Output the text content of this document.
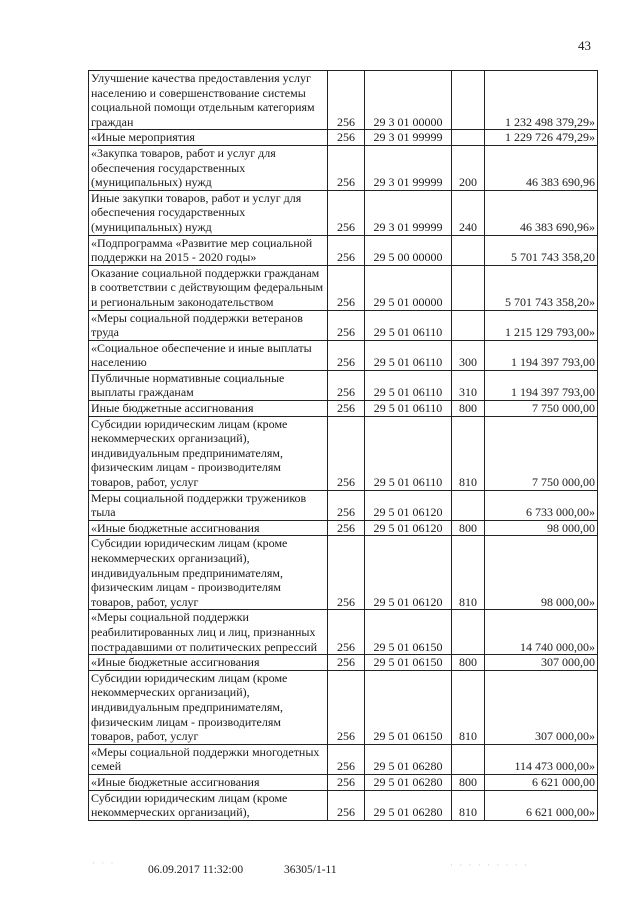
43
Улучшение качества предоставления услуг населению и совершенствование системы социальной помощи отдельным категориям граждан	256	29 3 01 00000		1 232 498 379,29»
«Иные мероприятия	256	29 3 01 99999		1 229 726 479,29»
«Закупка товаров, работ и услуг для обеспечения государственных (муниципальных) нужд	256	29 3 01 99999	200	46 383 690,96
Иные закупки товаров, работ и услуг для обеспечения государственных (муниципальных) нужд	256	29 3 01 99999	240	46 383 690,96»
«Подпрограмма «Развитие мер социальной поддержки на 2015 - 2020 годы»	256	29 5 00 00000		5 701 743 358,20
Оказание социальной поддержки гражданам в соответствии с действующим федеральным и региональным законодательством	256	29 5 01 00000		5 701 743 358,20»
«Меры социальной поддержки ветеранов труда	256	29 5 01 06110		1 215 129 793,00»
«Социальное обеспечение и иные выплаты населению	256	29 5 01 06110	300	1 194 397 793,00
Публичные нормативные социальные выплаты гражданам	256	29 5 01 06110	310	1 194 397 793,00
Иные бюджетные ассигнования	256	29 5 01 06110	800	7 750 000,00
Субсидии юридическим лицам (кроме некоммерческих организаций), индивидуальным предпринимателям, физическим лицам - производителям товаров, работ, услуг	256	29 5 01 06110	810	7 750 000,00
Меры социальной поддержки тружеников тыла	256	29 5 01 06120		6 733 000,00»
«Иные бюджетные ассигнования	256	29 5 01 06120	800	98 000,00
Субсидии юридическим лицам (кроме некоммерческих организаций), индивидуальным предпринимателям, физическим лицам - производителям товаров, работ, услуг	256	29 5 01 06120	810	98 000,00»
«Меры социальной поддержки реабилитированных лиц и лиц, признанных пострадавшими от политических репрессий	256	29 5 01 06150		14 740 000,00»
«Иные бюджетные ассигнования	256	29 5 01 06150	800	307 000,00
Субсидии юридическим лицам (кроме некоммерческих организаций), индивидуальным предпринимателям, физическим лицам - производителям товаров, работ, услуг	256	29 5 01 06150	810	307 000,00»
«Меры социальной поддержки многодетных семей	256	29 5 01 06280		114 473 000,00»
«Иные бюджетные ассигнования	256	29 5 01 06280	800	6 621 000,00
Субсидии юридическим лицам (кроме некоммерческих организаций),	256	29 5 01 06280	810	6 621 000,00»
06.09.2017 11:32:00	36305/1-11
· · ·	· · · · · · · · ·
